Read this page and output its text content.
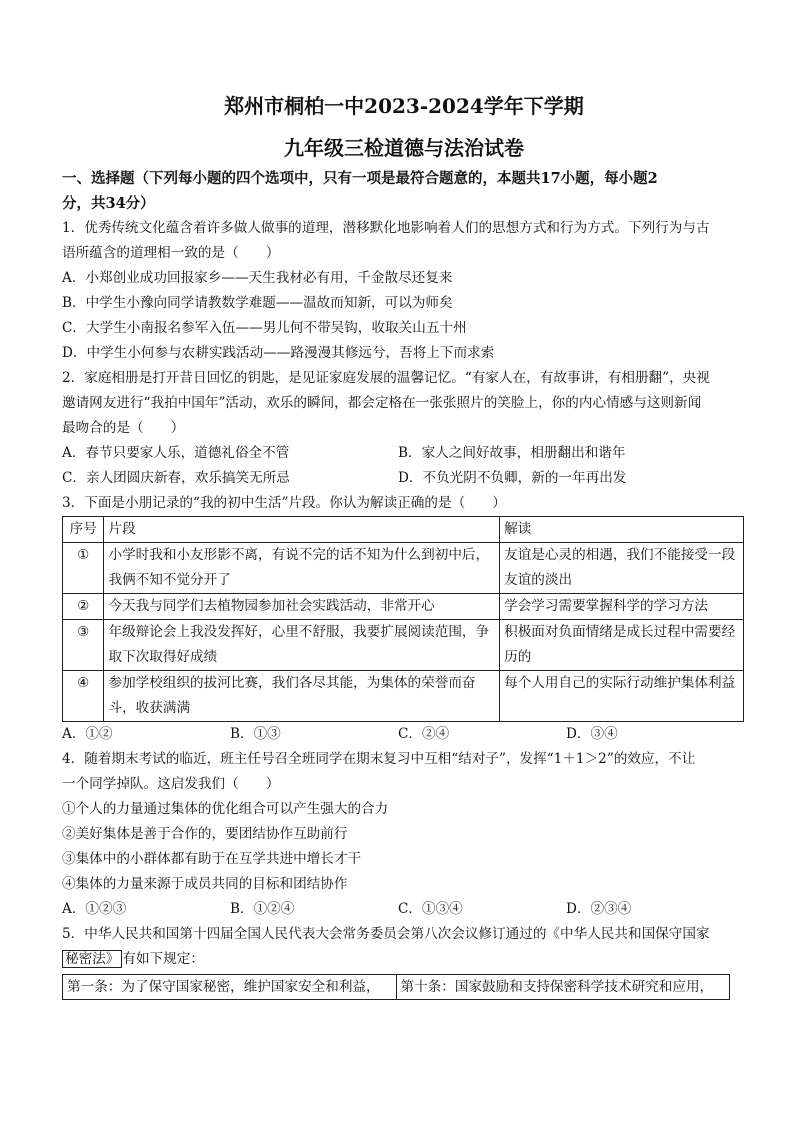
郑州市桐柏一中2023-2024学年下学期
九年级三检道德与法治试卷

一、选择题（下列每小题的四个选项中，只有一项是最符合题意的，本题共17小题，每小题2

分，共34分）

1．优秀传统文化蕴含着许多做人做事的道理，潜移默化地影响着人们的思想方式和行为方式。下列行为与古

语所蕴含的道理相一致的是（　　）

A．小郑创业成功回报家乡——天生我材必有用，千金散尽还复来

B．中学生小豫向同学请教数学难题——温故而知新，可以为师矣

C．大学生小南报名参军入伍——男儿何不带吴钩，收取关山五十州

D．中学生小何参与农耕实践活动——路漫漫其修远兮，吾将上下而求索

2．家庭相册是打开昔日回忆的钥匙，是见证家庭发展的温馨记忆。“有家人在，有故事讲，有相册翻”，央视

邀请网友进行“我拍中国年”活动，欢乐的瞬间，都会定格在一张张照片的笑脸上，你的内心情感与这则新闻

最吻合的是（　　）

A．春节只要家人乐，道德礼俗全不管	B．家人之间好故事，相册翻出和谐年
C．亲人团圆庆新春，欢乐搞笑无所忌	D．不负光阴不负卿，新的一年再出发

3．下面是小朋记录的“我的初中生活”片段。你认为解读正确的是（　　）

序号	片段	解读
①	小学时我和小友形影不离，有说不完的话不知为什么到初中后，我俩不知不觉分开了	友谊是心灵的相遇，我们不能接受一段友谊的淡出
②	今天我与同学们去植物园参加社会实践活动，非常开心	学会学习需要掌握科学的学习方法
③	年级辩论会上我没发挥好，心里不舒服，我要扩展阅读范围，争取下次取得好成绩	积极面对负面情绪是成长过程中需要经历的
④	参加学校组织的拔河比赛，我们各尽其能，为集体的荣誉而奋斗，收获满满	每个人用自己的实际行动维护集体利益
A．①②	B．①③	C．②④	D．③④

4．随着期末考试的临近，班主任号召全班同学在期末复习中互相“结对子”，发挥“1＋1＞2”的效应，不让

一个同学掉队。这启发我们（　　）

①个人的力量通过集体的优化组合可以产生强大的合力

②美好集体是善于合作的，要团结协作互助前行

③集体中的小群体都有助于在互学共进中增长才干

④集体的力量来源于成员共同的目标和团结协作

A．①②③	B．①②④	C．①③④	D．②③④

5．中华人民共和国第十四届全国人民代表大会常务委员会第八次会议修订通过的《中华人民共和国保守国家

秘密法》 有如下规定：

第一条：为了保守国家秘密，维护国家安全和利益，	第十条：国家鼓励和支持保密科学技术研究和应用，
